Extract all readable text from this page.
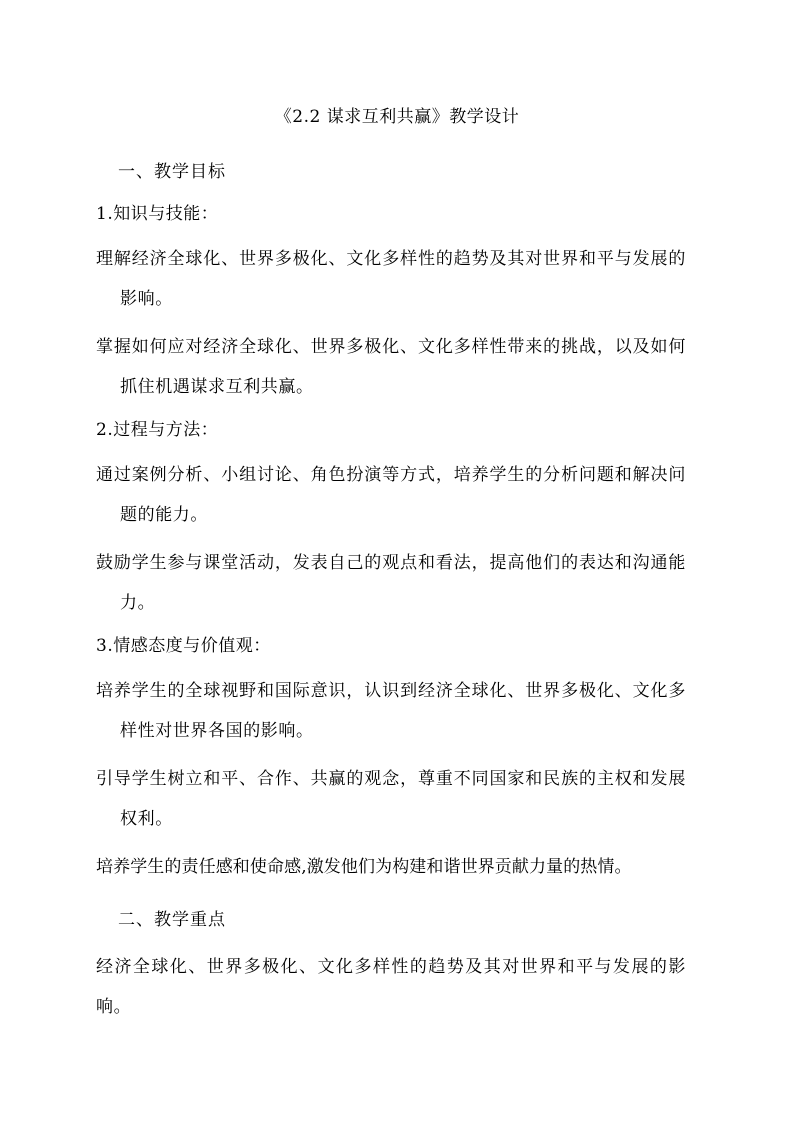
《2.2 谋求互利共赢》教学设计
一、教学目标
1.知识与技能：
理解经济全球化、世界多极化、文化多样性的趋势及其对世界和平与发展的影响。
掌握如何应对经济全球化、世界多极化、文化多样性带来的挑战，以及如何抓住机遇谋求互利共赢。
2.过程与方法：
通过案例分析、小组讨论、角色扮演等方式，培养学生的分析问题和解决问题的能力。
鼓励学生参与课堂活动，发表自己的观点和看法，提高他们的表达和沟通能力。
3.情感态度与价值观：
培养学生的全球视野和国际意识，认识到经济全球化、世界多极化、文化多样性对世界各国的影响。
引导学生树立和平、合作、共赢的观念，尊重不同国家和民族的主权和发展权利。
培养学生的责任感和使命感,激发他们为构建和谐世界贡献力量的热情。
二、教学重点
经济全球化、世界多极化、文化多样性的趋势及其对世界和平与发展的影响。
